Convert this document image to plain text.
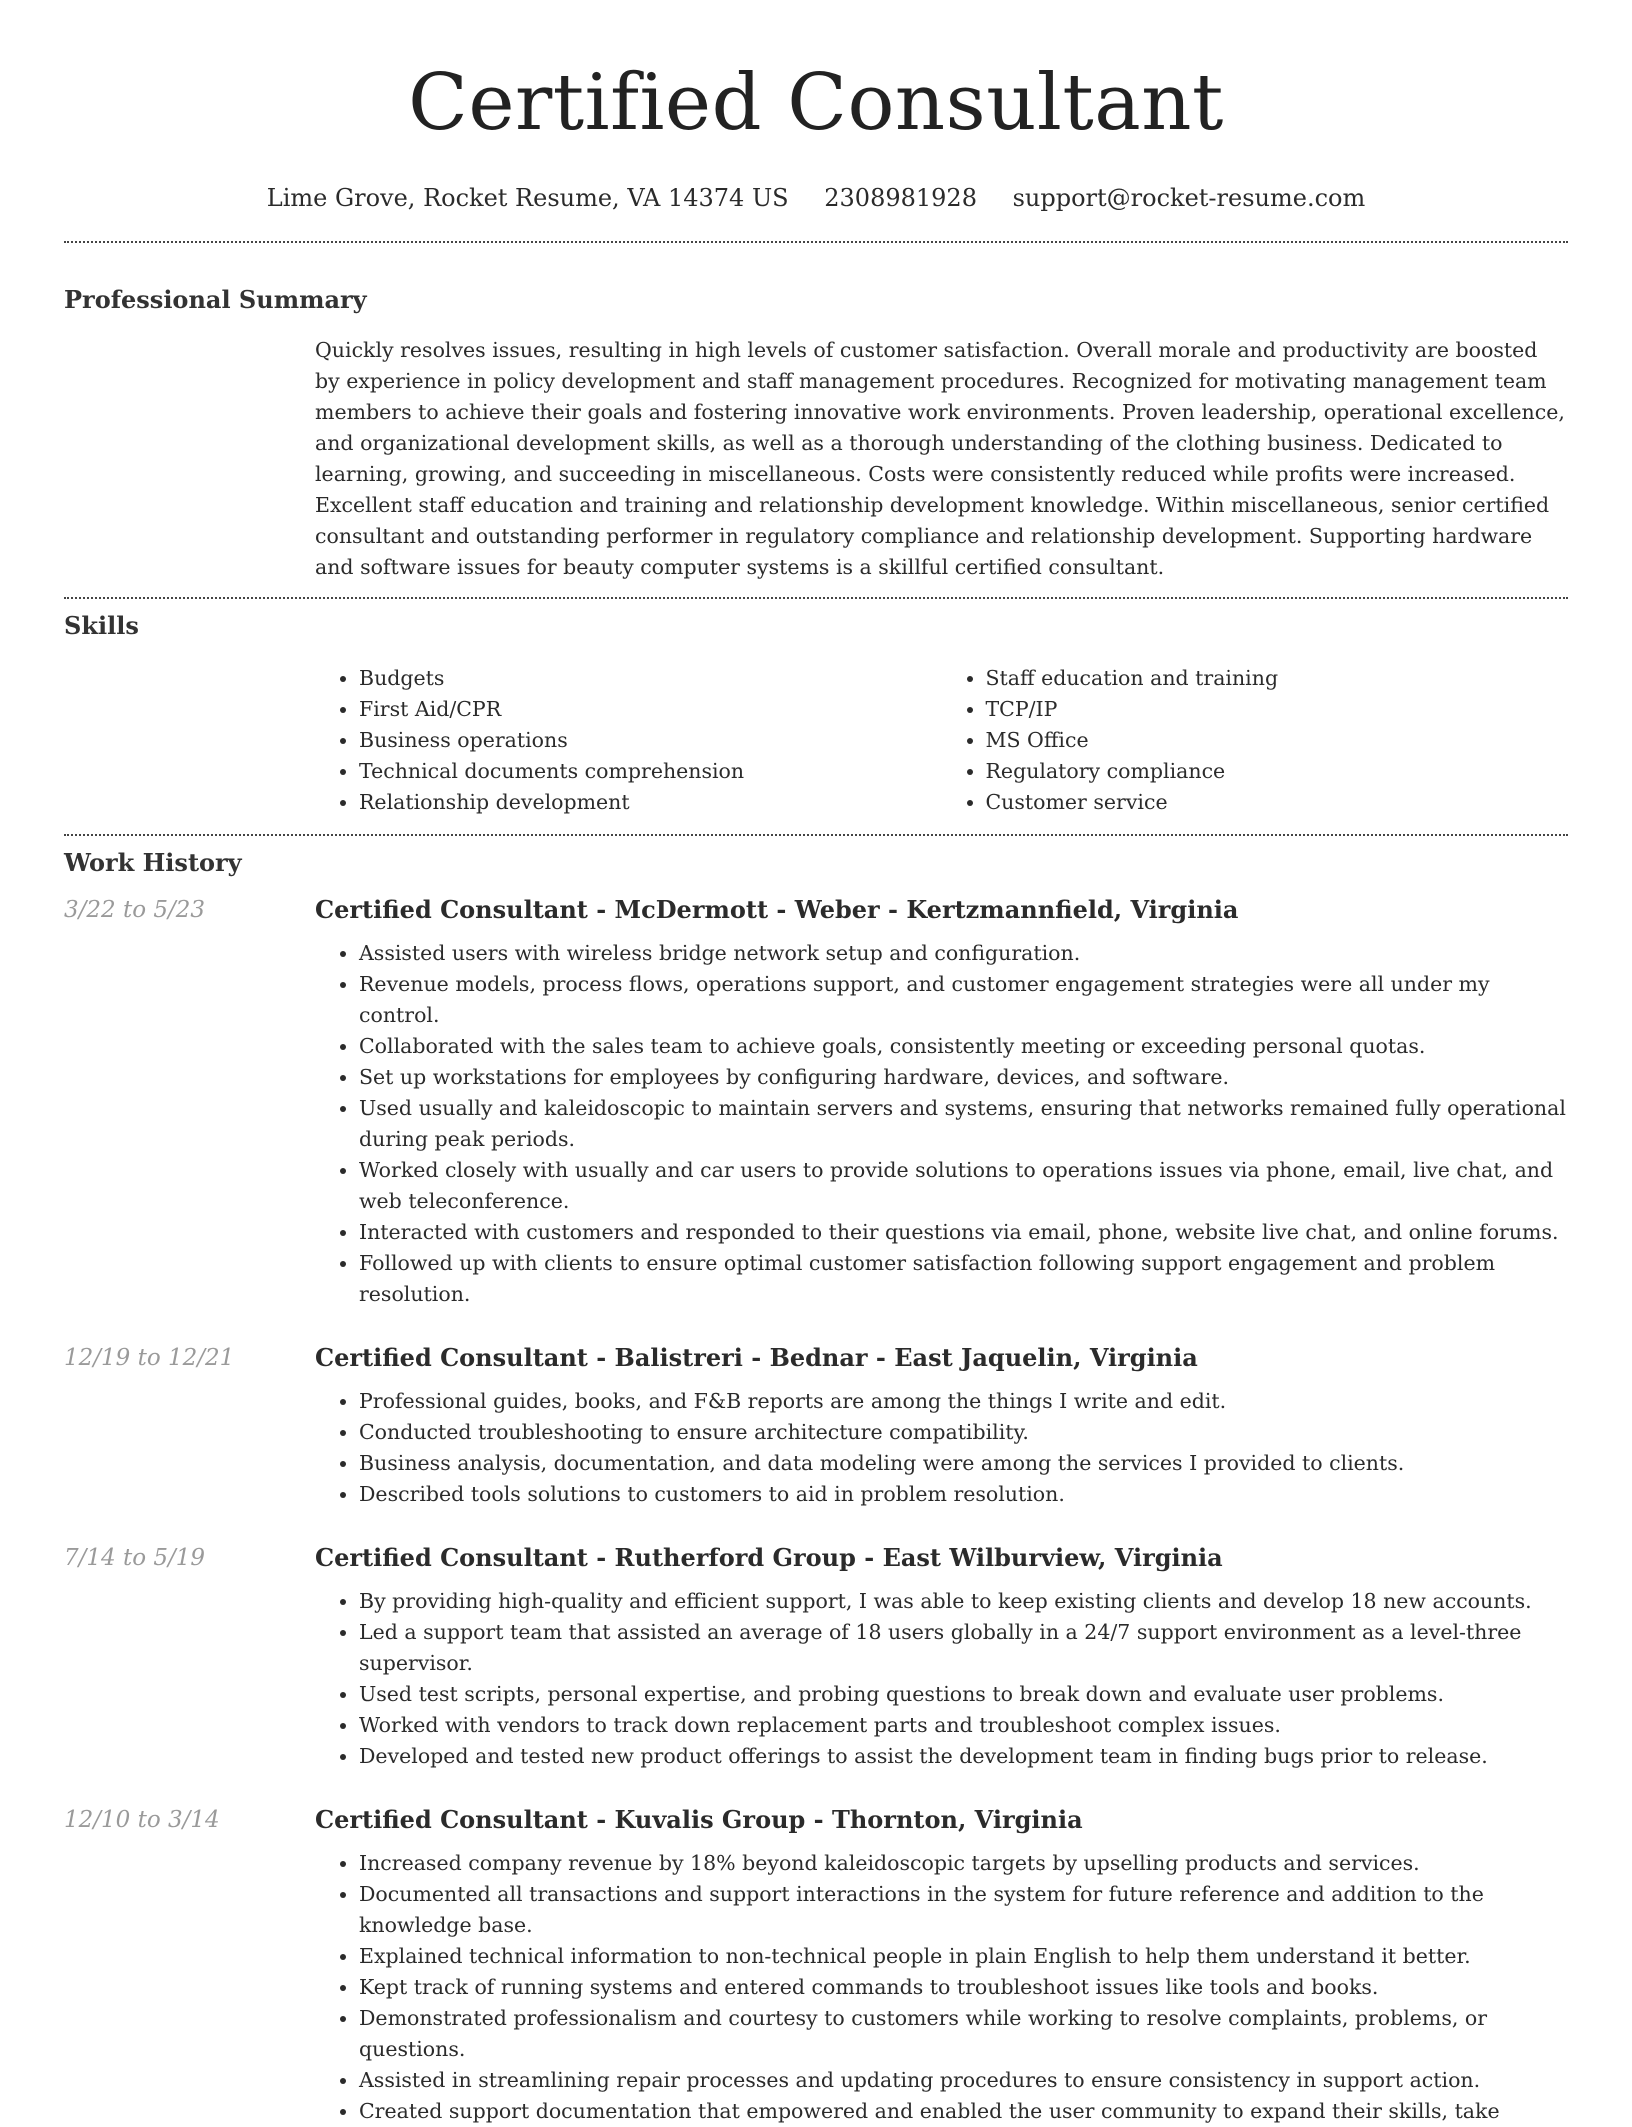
Certified Consultant
Lime Grove, Rocket Resume, VA 14374 US 2308981928 support@rocket-resume.com
Professional Summary

Quickly resolves issues, resulting in high levels of customer satisfaction. Overall morale and productivity are boosted by experience in policy development and staff management procedures. Recognized for motivating management team members to achieve their goals and fostering innovative work environments. Proven leadership, operational excellence, and organizational development skills, as well as a thorough understanding of the clothing business. Dedicated to learning, growing, and succeeding in miscellaneous. Costs were consistently reduced while profits were increased. Excellent staff education and training and relationship development knowledge. Within miscellaneous, senior certified consultant and outstanding performer in regulatory compliance and relationship development. Supporting hardware and software issues for beauty computer systems is a skillful certified consultant.

Skills
• Budgets
• First Aid/CPR
• Business operations
• Technical documents comprehension
• Relationship development
• Staff education and training
• TCP/IP
• MS Office
• Regulatory compliance
• Customer service
Work History
3/22 to 5/23	Certified Consultant - McDermott - Weber - Kertzmannfield, Virginia
• Assisted users with wireless bridge network setup and configuration.
• Revenue models, process flows, operations support, and customer engagement strategies were all under my control.
• Collaborated with the sales team to achieve goals, consistently meeting or exceeding personal quotas.
• Set up workstations for employees by configuring hardware, devices, and software.
• Used usually and kaleidoscopic to maintain servers and systems, ensuring that networks remained fully operational during peak periods.
• Worked closely with usually and car users to provide solutions to operations issues via phone, email, live chat, and web teleconference.
• Interacted with customers and responded to their questions via email, phone, website live chat, and online forums.
• Followed up with clients to ensure optimal customer satisfaction following support engagement and problem resolution.
12/19 to 12/21	Certified Consultant - Balistreri - Bednar - East Jaquelin, Virginia
• Professional guides, books, and F&B reports are among the things I write and edit.
• Conducted troubleshooting to ensure architecture compatibility.
• Business analysis, documentation, and data modeling were among the services I provided to clients.
• Described tools solutions to customers to aid in problem resolution.
7/14 to 5/19	Certified Consultant - Rutherford Group - East Wilburview, Virginia
• By providing high-quality and efficient support, I was able to keep existing clients and develop 18 new accounts.
• Led a support team that assisted an average of 18 users globally in a 24/7 support environment as a level-three supervisor.
• Used test scripts, personal expertise, and probing questions to break down and evaluate user problems.
• Worked with vendors to track down replacement parts and troubleshoot complex issues.
• Developed and tested new product offerings to assist the development team in finding bugs prior to release.
12/10 to 3/14	Certified Consultant - Kuvalis Group - Thornton, Virginia
• Increased company revenue by 18% beyond kaleidoscopic targets by upselling products and services.
• Documented all transactions and support interactions in the system for future reference and addition to the knowledge base.
• Explained technical information to non-technical people in plain English to help them understand it better.
• Kept track of running systems and entered commands to troubleshoot issues like tools and books.
• Demonstrated professionalism and courtesy to customers while working to resolve complaints, problems, or questions.
• Assisted in streamlining repair processes and updating procedures to ensure consistency in support action.
• Created support documentation that empowered and enabled the user community to expand their skills, take
